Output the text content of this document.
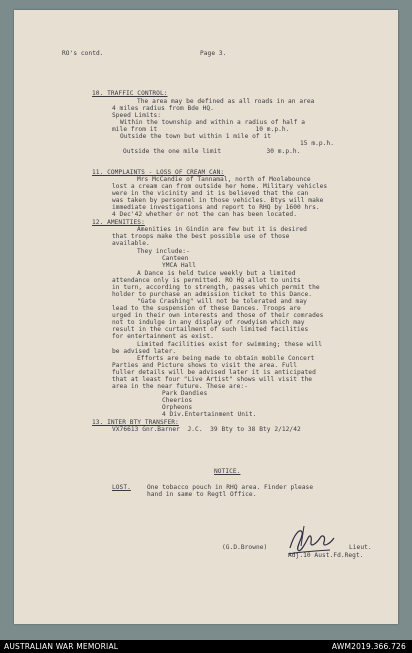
RO's contd.	Page 3.
10. TRAFFIC CONTROL:
The area may be defined as all roads in an area
4 miles radius from Bde HQ.
Speed Limits:
Within the township and within a radius of half a
mile from it                          10 m.p.h.
Outside the town but within 1 mile of it
15 m.p.h.
Outside the one mile limit            30 m.p.h.
11. COMPLAINTS - LOSS OF CREAM CAN:
Mrs McCandie of Tannamal, north of Moolabounce
lost a cream can from outside her home. Military vehicles
were in the vicinity and it is believed that the can
was taken by personnel in those vehicles. Btys will make
immediate investigations and report to RHQ by 1600 hrs.
4 Dec'42 whether or not the can has been located.
12. AMENITIES:
Amenities in Gindin are few but it is desired
that troops make the best possible use of those
available.
They include:-
Canteen
YMCA Hall
A Dance is held twice weekly but a limited
attendance only is permitted. RO HQ allot to units
in turn, according to strength, passes which permit the
holder to purchase an admission ticket to this Dance.
"Gate Crashing" will not be tolerated and may
lead to the suspension of these Dances. Troops are
urged in their own interests and those of their comrades
not to indulge in any display of rowdyism which may
result in the curtailment of such limited facilities
for entertainment as exist.
Limited facilities exist for swimming; these will
be advised later.
Efforts are being made to obtain mobile Concert
Parties and Picture shows to visit the area. Full
fuller details will be advised later it is anticipated
that at least four "Live Artist" shows will visit the
area in the near future. These are:-
Park Dandies
Cheerios
Orpheons
4 Div.Entertainment Unit.
13. INTER BTY TRANSFER:
VX76613 Gnr.Barner  J.C.  39 Bty to 38 Bty 2/12/42
NOTICE.
LOST.	One tobacco pouch in RHQ area. Finder please
hand in same to Regtl Office.
(G.D.Browne)	Lieut.
Adj.10 Aust.Fd.Regt.
AUSTRALIAN WAR MEMORIAL	AWM2019.366.726
